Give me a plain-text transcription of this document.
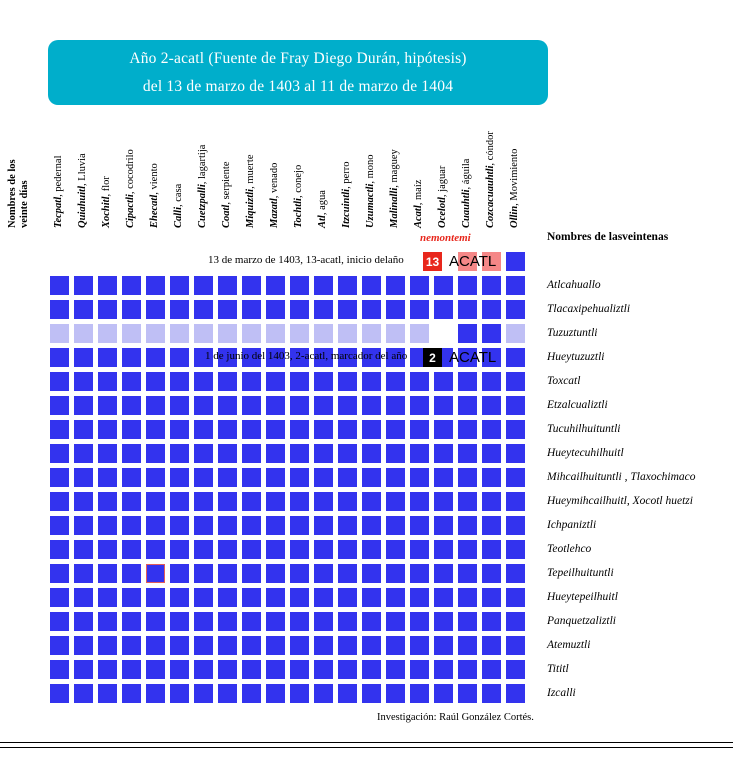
Año 2-acatl (Fuente de Fray Diego Durán, hipótesis)
del 13 de marzo de 1403 al 11 de marzo de 1404
Nombres de los veinte días Tecpatl, pedernal
Quiahuitl, Lluvia
Xochitl, flor
Cipactli, cocodrilo
Ehecatl, viento
Calli, casa Cuetzpalli, lagartija
Coatl, serpiente
Miquiztli, muerte
Mazatl, venado
Tochtli, conejo
Atl, agua Itzcuintli, perro
Uzumactli, mono
Malinalli, maguey
Acatl, maíz
Ocelotl, jaguar
Cuauhtli, águila Cozcacuauhtli, cóndor
Ollin, Movimiento
Atlcahuallo
Tlacaxipehualiztli
Tuzuztuntli
Hueytuzuztli
Toxcatl
Etzalcualiztli
Tucuhilhuituntli
Hueytecuhilhuitl
Mihcailhuituntli , Tlaxochimaco
Hueymihcailhuitl, Xocotl huetzi
Ichpaniztli
Teotlehco
Tepeilhuituntli
Hueytepeilhuitl
Panquetzaliztli
Atemuztli
Tititl
Izcalli
nemontemi	Nombres de lasveintenas
13 de marzo de 1403, 13-acatl, inicio delaño 13 ACATL
1 de junio del 1403, 2-acatl, marcador del año	2 ACATL
Investigación: Raúl González Cortés.
